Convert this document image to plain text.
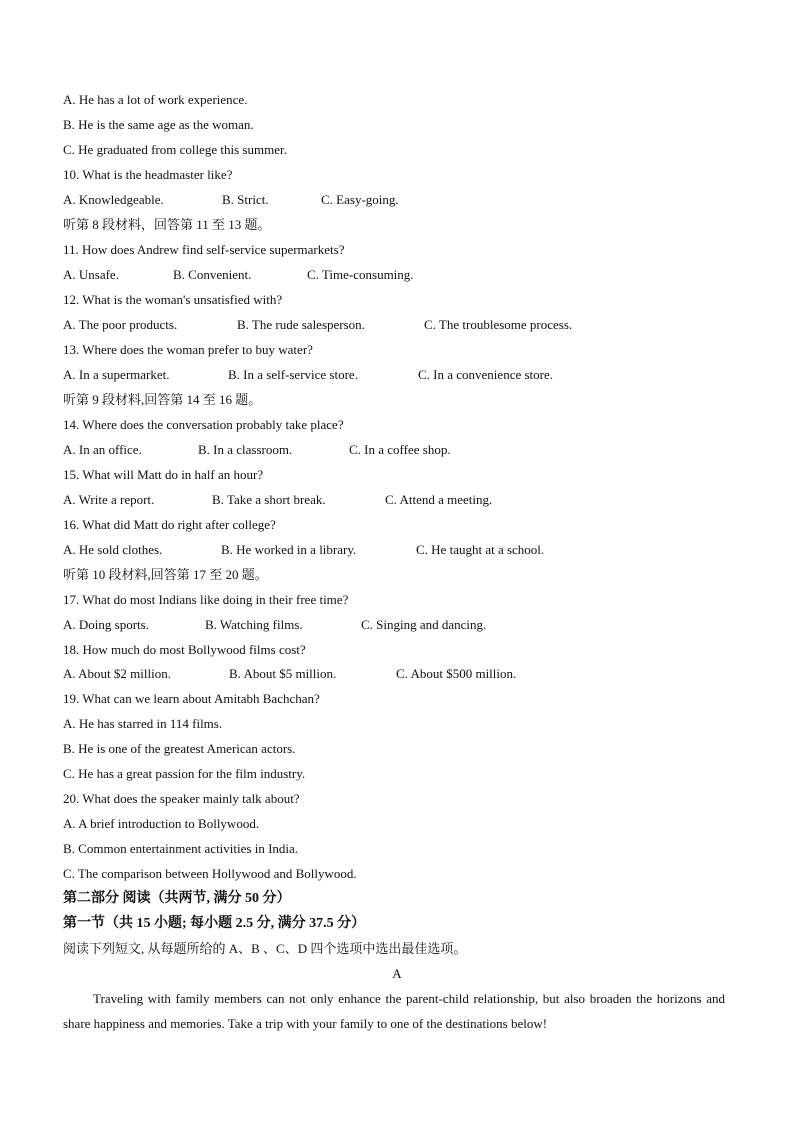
A. He has a lot of work experience.
B. He is the same age as the woman.
C. He graduated from college this summer.
10. What is the headmaster like?
A. Knowledgeable.	B. Strict.	C. Easy-going.
听第 8 段材料，回答第 11 至 13 题。
11. How does Andrew find self-service supermarkets?
A. Unsafe.	B. Convenient.	C. Time-consuming.
12. What is the woman's unsatisfied with?
A. The poor products.	B. The rude salesperson.	C. The troublesome process.
13. Where does the woman prefer to buy water?
A. In a supermarket.	B. In a self-service store.	C. In a convenience store.
听第 9 段材料,回答第 14 至 16 题。
14. Where does the conversation probably take place?
A. In an office.	B. In a classroom.	C. In a coffee shop.
15. What will Matt do in half an hour?
A. Write a report.	B. Take a short break.	C. Attend a meeting.
16. What did Matt do right after college?
A. He sold clothes.	B. He worked in a library.	C. He taught at a school.
听第 10 段材料,回答第 17 至 20 题。
17. What do most Indians like doing in their free time?
A. Doing sports.	B. Watching films.	C. Singing and dancing.
18. How much do most Bollywood films cost?
A. About $2 million.	B. About $5 million.	C. About $500 million.
19. What can we learn about Amitabh Bachchan?
A. He has starred in 114 films.
B. He is one of the greatest American actors.
C. He has a great passion for the film industry.
20. What does the speaker mainly talk about?
A. A brief introduction to Bollywood.
B. Common entertainment activities in India.
C. The comparison between Hollywood and Bollywood.
第二部分 阅读（共两节, 满分 50 分）
第一节（共 15 小题; 每小题 2.5 分, 满分 37.5 分）
阅读下列短文, 从每题所给的 A、B 、C、D 四个选项中选出最佳选项。
A
Traveling with family members can not only enhance the parent-child relationship, but also broaden the horizons and share happiness and memories. Take a trip with your family to one of the destinations below!
